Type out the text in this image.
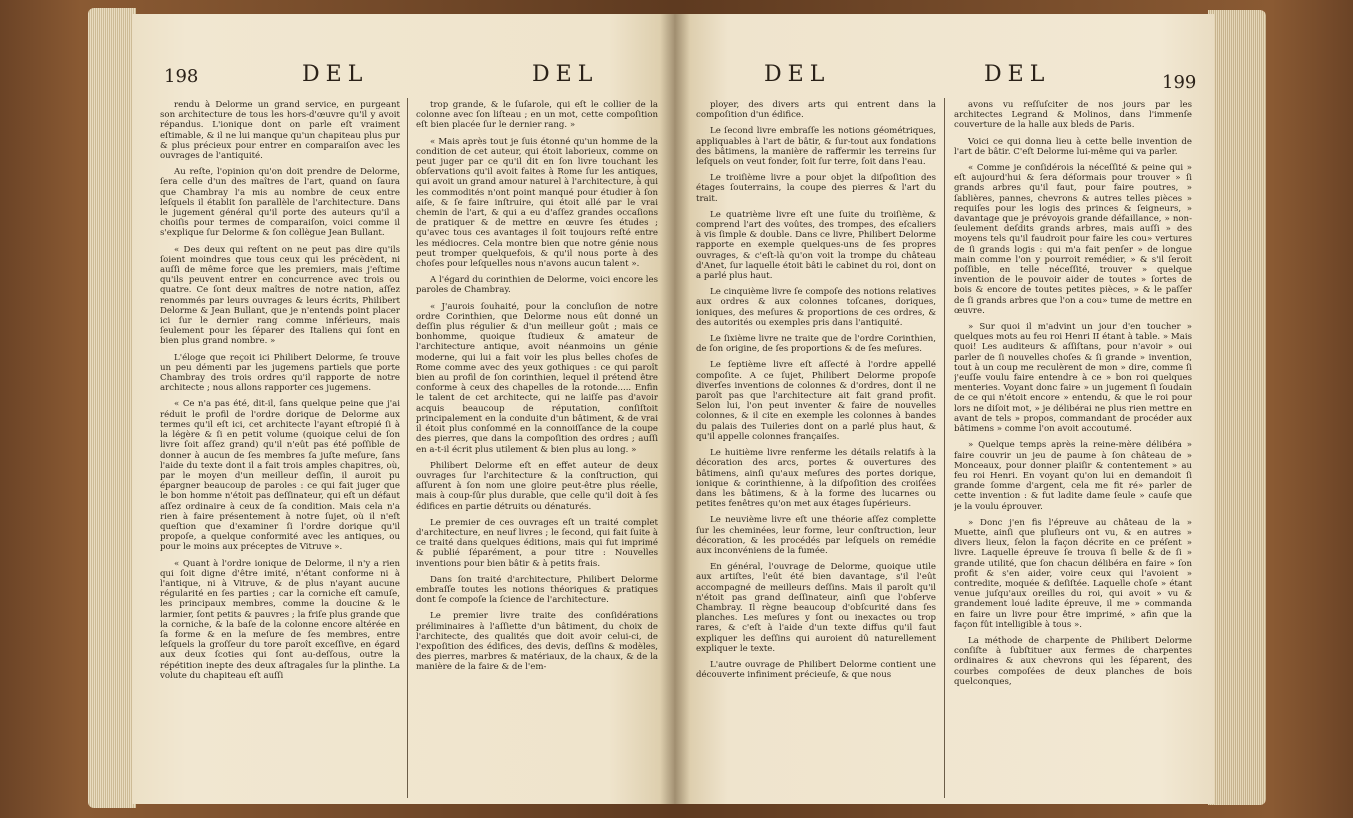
198	DEL	DEL

rendu à Delorme un grand service, en purgeant son architecture de tous les hors-d'œuvre qu'il y avoit répandus. L'ionique dont on parle eſt vraiment eſtimable, & il ne lui manque qu'un chapiteau plus pur & plus précieux pour entrer en comparaiſon avec les ouvrages de l'antiquité.

Au reſte, l'opinion qu'on doit prendre de Delorme, ſera celle d'un des maîtres de l'art, quand on ſaura que Chambray l'a mis au nombre de ceux entre leſquels il établit ſon parallèle de l'architecture. Dans le jugement général qu'il porte des auteurs qu'il a choiſis pour termes de comparaiſon, voici comme il s'explique ſur Delorme & ſon collègue Jean Bullant.

« Des deux qui reſtent on ne peut pas dire qu'ils ſoient moindres que tous ceux qui les précèdent, ni auſſi de même force que les premiers, mais j'eſtime qu'ils peuvent entrer en concurrence avec trois ou quatre. Ce ſont deux maîtres de notre nation, aſſez renommés par leurs ouvrages & leurs écrits, Philibert Delorme & Jean Bullant, que je n'entends point placer ici ſur le dernier rang comme inférieurs, mais ſeulement pour les ſéparer des Italiens qui ſont en bien plus grand nombre. »

L'éloge que reçoit ici Philibert Delorme, ſe trouve un peu démenti par les jugemens partiels que porte Chambray des trois ordres qu'il rapporte de notre architecte ; nous allons rapporter ces jugemens.

« Ce n'a pas été, dit-il, ſans quelque peine que j'ai réduit le profil de l'ordre dorique de Delorme aux termes qu'il eſt ici, cet architecte l'ayant eſtropié ſi à la légère & ſi en petit volume (quoique celui de ſon livre ſoit aſſez grand) qu'il n'eût pas été poſſible de donner à aucun de ſes membres ſa juſte meſure, ſans l'aide du texte dont il a fait trois amples chapitres, où, par le moyen d'un meilleur deſſin, il auroit pu épargner beaucoup de paroles : ce qui fait juger que le bon homme n'étoit pas deſſinateur, qui eſt un défaut aſſez ordinaire à ceux de ſa condition. Mais cela n'a rien à faire présentement à notre ſujet, où il n'eſt queſtion que d'examiner ſi l'ordre dorique qu'il propoſe, a quelque conformité avec les antiques, ou pour le moins aux préceptes de Vitruve ».

« Quant à l'ordre ionique de Delorme, il n'y a rien qui ſoit digne d'être imité, n'étant conforme ni à l'antique, ni à Vitruve, & de plus n'ayant aucune régularité en ſes parties ; car la corniche eſt camuſe, les principaux membres, comme la doucine & le larmier, ſont petits & pauvres ; la friſe plus grande que la corniche, & la baſe de la colonne encore altérée en ſa forme & en la meſure de ſes membres, entre leſquels la groſſeur du tore paroît exceſſive, en égard aux deux ſcoties qui ſont au-deſſous, outre la répétition inepte des deux aſtragales ſur la plinthe. La volute du chapiteau eſt auſſi

trop grande, & le ſuſarole, qui eſt le collier de la colonne avec ſon liſteau ; en un mot, cette compoſition eſt bien placée ſur le dernier rang. »

« Mais après tout je ſuis étonné qu'un homme de la condition de cet auteur, qui étoit laborieux, comme on peut juger par ce qu'il dit en ſon livre touchant les obſervations qu'il avoit faites à Rome ſur les antiques, qui avoit un grand amour naturel à l'architecture, à qui les commodités n'ont point manqué pour étudier à ſon aiſe, & ſe faire inſtruire, qui étoit allé par le vrai chemin de l'art, & qui a eu d'aſſez grandes occaſions de pratiquer & de mettre en œuvre ſes études ; qu'avec tous ces avantages il ſoit toujours reſté entre les médiocres. Cela montre bien que notre génie nous peut tromper quelquefois, & qu'il nous porte à des choſes pour leſquelles nous n'avons aucun talent ».

A l'égard du corinthien de Delorme, voici encore les paroles de Chambray.

« J'aurois ſouhaité, pour la concluſion de notre ordre Corinthien, que Delorme nous eût donné un deſſin plus régulier & d'un meilleur goût ; mais ce bonhomme, quoique ſtudieux & amateur de l'architecture antique, avoit néanmoins un génie moderne, qui lui a fait voir les plus belles choſes de Rome comme avec des yeux gothiques : ce qui paroît bien au profil de ſon corinthien, lequel il prétend être conforme à ceux des chapelles de la rotonde..... Enfin le talent de cet architecte, qui ne laiſſe pas d'avoir acquis beaucoup de réputation, conſiſtoit principalement en la conduite d'un bâtiment, & de vrai il étoit plus conſommé en la connoiſſance de la coupe des pierres, que dans la compoſition des ordres ; auſſi en a-t-il écrit plus utilement & bien plus au long. »

Philibert Delorme eſt en effet auteur de deux ouvrages ſur l'architecture & la conſtruction, qui aſſurent à ſon nom une gloire peut-être plus réelle, mais à coup-ſûr plus durable, que celle qu'il doit à ſes édifices en partie détruits ou dénaturés.

Le premier de ces ouvrages eſt un traité complet d'architecture, en neuf livres ; le ſecond, qui fait ſuite à ce traité dans quelques éditions, mais qui fut imprimé & publié ſéparément, a pour titre : Nouvelles inventions pour bien bâtir & à petits frais.

Dans ſon traité d'architecture, Philibert Delorme embraſſe toutes les notions théoriques & pratiques dont ſe compoſe la ſcience de l'architecture.

Le premier livre traite des conſidérations préliminaires à l'aſſiette d'un bâtiment, du choix de l'architecte, des qualités que doit avoir celui-ci, de l'expoſition des édifices, des devis, deſſins & modèles, des pierres, marbres & matériaux, de la chaux, & de la manière de la faire & de l'em-

DEL	DEL	199

ployer, des divers arts qui entrent dans la compoſition d'un édifice.

Le ſecond livre embraſſe les notions géométriques, appliquables à l'art de bâtir, & ſur-tout aux fondations des bâtimens, la manière de raffermir les terreins ſur leſquels on veut fonder, ſoit ſur terre, ſoit dans l'eau.

Le troiſième livre a pour objet la diſpoſition des étages ſouterrains, la coupe des pierres & l'art du trait.

Le quatrième livre eſt une ſuite du troiſième, & comprend l'art des voûtes, des trompes, des eſcaliers à vis ſimple & double. Dans ce livre, Philibert Delorme rapporte en exemple quelques-uns de ſes propres ouvrages, & c'eſt-là qu'on voit la trompe du château d'Anet, ſur laquelle étoit bâti le cabinet du roi, dont on a parlé plus haut.

Le cinquième livre ſe compoſe des notions relatives aux ordres & aux colonnes toſcanes, doriques, ioniques, des meſures & proportions de ces ordres, & des autorités ou exemples pris dans l'antiquité.

Le ſixième livre ne traite que de l'ordre Corinthien, de ſon origine, de ſes proportions & de ſes meſures.

Le ſeptième livre eſt aſſecté à l'ordre appellé compoſite. A ce ſujet, Philibert Delorme propoſe diverſes inventions de colonnes & d'ordres, dont il ne paroît pas que l'architecture ait fait grand profit. Selon lui, l'on peut inventer & faire de nouvelles colonnes, & il cite en exemple les colonnes à bandes du palais des Tuileries dont on a parlé plus haut, & qu'il appelle colonnes françaiſes.

Le huitième livre renferme les détails relatifs à la décoration des arcs, portes & ouvertures des bâtimens, ainſi qu'aux meſures des portes dorique, ionique & corinthienne, à la diſpoſition des croiſées dans les bâtimens, & à la forme des lucarnes ou petites fenêtres qu'on met aux étages ſupérieurs.

Le neuvième livre eſt une théorie aſſez complette ſur les cheminées, leur forme, leur conſtruction, leur décoration, & les procédés par leſquels on remédie aux inconvéniens de la fumée.

En général, l'ouvrage de Delorme, quoique utile aux artiſtes, l'eût été bien davantage, s'il l'eût accompagné de meilleurs deſſins. Mais il paroît qu'il n'étoit pas grand deſſinateur, ainſi que l'obſerve Chambray. Il règne beaucoup d'obſcurité dans ſes planches. Les meſures y ſont ou inexactes ou trop rares, & c'eſt à l'aide d'un texte diffus qu'il faut expliquer les deſſins qui auroient dû naturellement expliquer le texte.

L'autre ouvrage de Philibert Delorme contient une découverte infiniment précieuſe, & que nous

avons vu reſſuſciter de nos jours par les architectes Legrand & Molinos, dans l'immenſe couverture de la halle aux bleds de Paris.

Voici ce qui donna lieu à cette belle invention de l'art de bâtir. C'eſt Delorme lui-même qui va parler.

« Comme je conſidérois la néceſſité & peine qui » eſt aujourd'hui & ſera déſormais pour trouver » ſi grands arbres qu'il faut, pour faire poutres, » ſablières, pannes, chevrons & autres telles pièces » requiſes pour les logis des princes & ſeigneurs, » davantage que je prévoyois grande défaillance, » non-ſeulement deſdits grands arbres, mais auſſi » des moyens tels qu'il faudroit pour faire les cou» vertures de ſi grands logis : qui m'a fait penſer » de longue main comme l'on y pourroit remédier, » & s'il ſeroit poſſible, en telle néceſſité, trouver » quelque invention de le pouvoir aider de toutes » ſortes de bois & encore de toutes petites pièces, » & le paſſer de ſi grands arbres que l'on a cou» tume de mettre en œuvre.

» Sur quoi il m'advint un jour d'en toucher » quelques mots au feu roi Henri II étant à table. » Mais quoi! Les auditeurs & aſſiſtans, pour n'avoir » oui parler de ſi nouvelles choſes & ſi grande » invention, tout à un coup me reculèrent de mon » dire, comme ſi j'euſſe voulu faire entendre à ce » bon roi quelques menteries. Voyant donc faire » un jugement ſi ſoudain de ce qui n'étoit encore » entendu, & que le roi pour lors ne diſoit mot, » je délibérai ne plus rien mettre en avant de tels » propos, commandant de procéder aux bâtimens » comme l'on avoit accoutumé.

» Quelque temps après la reine-mère délibéra » faire couvrir un jeu de paume à ſon château de » Monceaux, pour donner plaiſir & contentement » au feu roi Henri. En voyant qu'on lui en demandoit ſi grande ſomme d'argent, cela me fit ré» parler de cette invention : & fut ladite dame ſeule » cauſe que je la voulu éprouver.

» Donc j'en fis l'épreuve au château de la » Muette, ainſi que pluſieurs ont vu, & en autres » divers lieux, ſelon la façon décrite en ce préſent » livre. Laquelle épreuve ſe trouva ſi belle & de ſi » grande utilité, que ſon chacun délibéra en faire » ſon profit & s'en aider, voire ceux qui l'avoient » contredite, moquée & deſiſtée. Laquelle choſe » étant venue juſqu'aux oreilles du roi, qui avoit » vu & grandement loué ladite épreuve, il me » commanda en faire un livre pour être imprimé, » afin que la façon fût intelligible à tous ».

La méthode de charpente de Philibert Delorme conſiſte à ſubſtituer aux fermes de charpentes ordinaires & aux chevrons qui les ſéparent, des courbes compoſées de deux planches de bois quelconques,
